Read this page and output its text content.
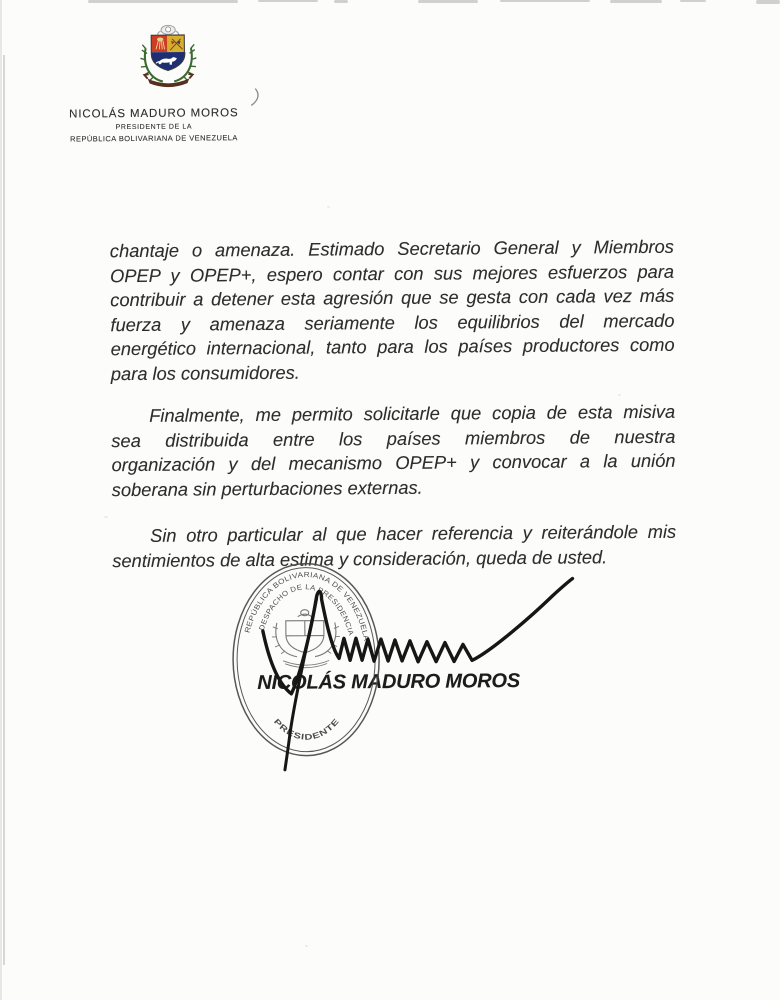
NICOLÁS MADURO MOROS
PRESIDENTE DE LA
REPÚBLICA BOLIVARIANA DE VENEZUELA
chantaje o amenaza. Estimado Secretario General y Miembros
OPEP y OPEP+, espero contar con sus mejores esfuerzos para
contribuir a detener esta agresión que se gesta con cada vez más
fuerza y amenaza seriamente los equilibrios del mercado
energético internacional, tanto para los países productores como
para los consumidores.
Finalmente, me permito solicitarle que copia de esta misiva
sea distribuida entre los países miembros de nuestra
organización y del mecanismo OPEP+ y convocar a la unión
soberana sin perturbaciones externas.
Sin otro particular al que hacer referencia y reiterándole mis
sentimientos de alta estima y consideración, queda de usted.
NICOLÁS MADURO MOROS
REPÚBLICA BOLIVARIANA DE VENEZUELA
DESPACHO DE LA PRESIDENCIA
PRESIDENTE
